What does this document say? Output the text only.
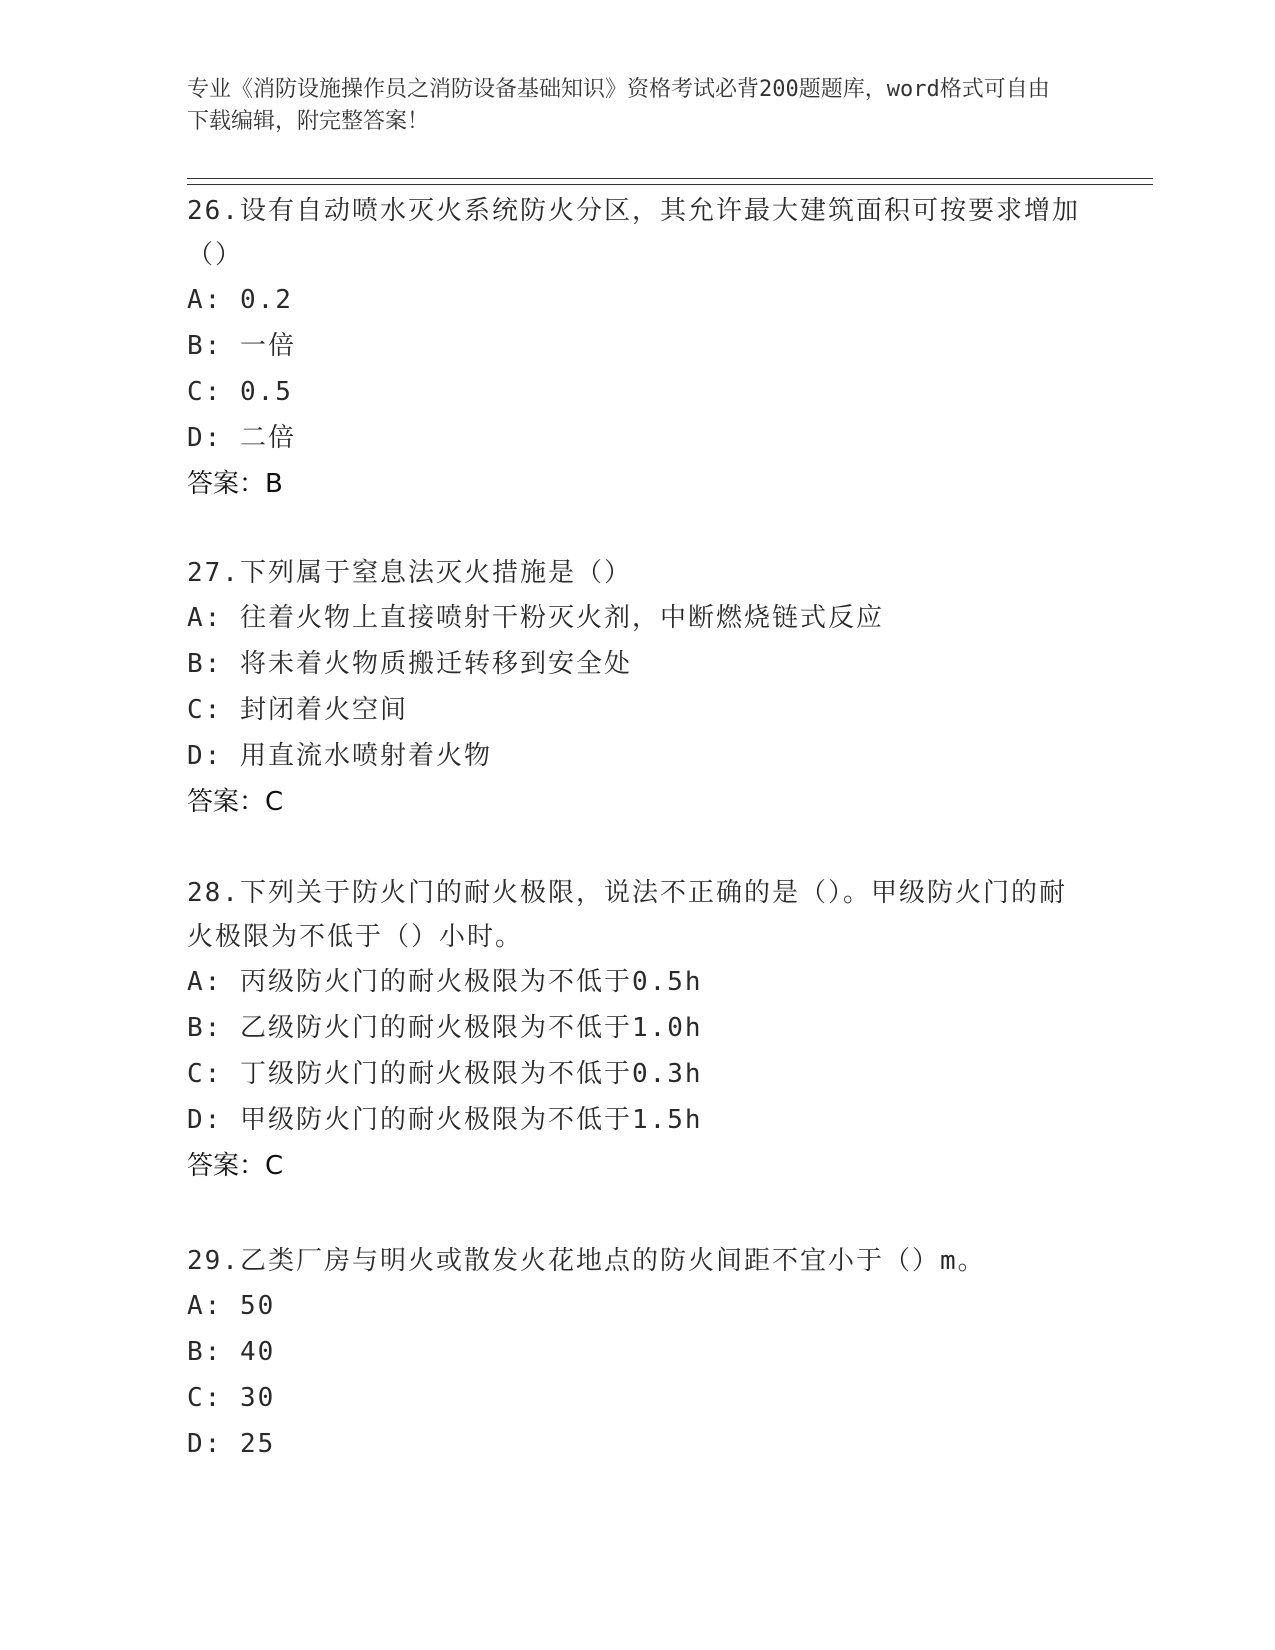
专业《消防设施操作员之消防设备基础知识》资格考试必背200题题库，word格式可自由下载编辑，附完整答案！

26.设有自动喷水灭火系统防火分区，其允许最大建筑面积可按要求增加（）

A: 0.2
B: 一倍
C: 0.5
D: 二倍
答案：B

27.下列属于窒息法灭火措施是（）

A: 往着火物上直接喷射干粉灭火剂，中断燃烧链式反应
B: 将未着火物质搬迁转移到安全处
C: 封闭着火空间
D: 用直流水喷射着火物
答案：C

28.下列关于防火门的耐火极限，说法不正确的是（）。甲级防火门的耐火极限为不低于（）小时。

A: 丙级防火门的耐火极限为不低于0.5h
B: 乙级防火门的耐火极限为不低于1.0h
C: 丁级防火门的耐火极限为不低于0.3h
D: 甲级防火门的耐火极限为不低于1.5h
答案：C

29.乙类厂房与明火或散发火花地点的防火间距不宜小于（）m。

A: 50
B: 40
C: 30
D: 25
